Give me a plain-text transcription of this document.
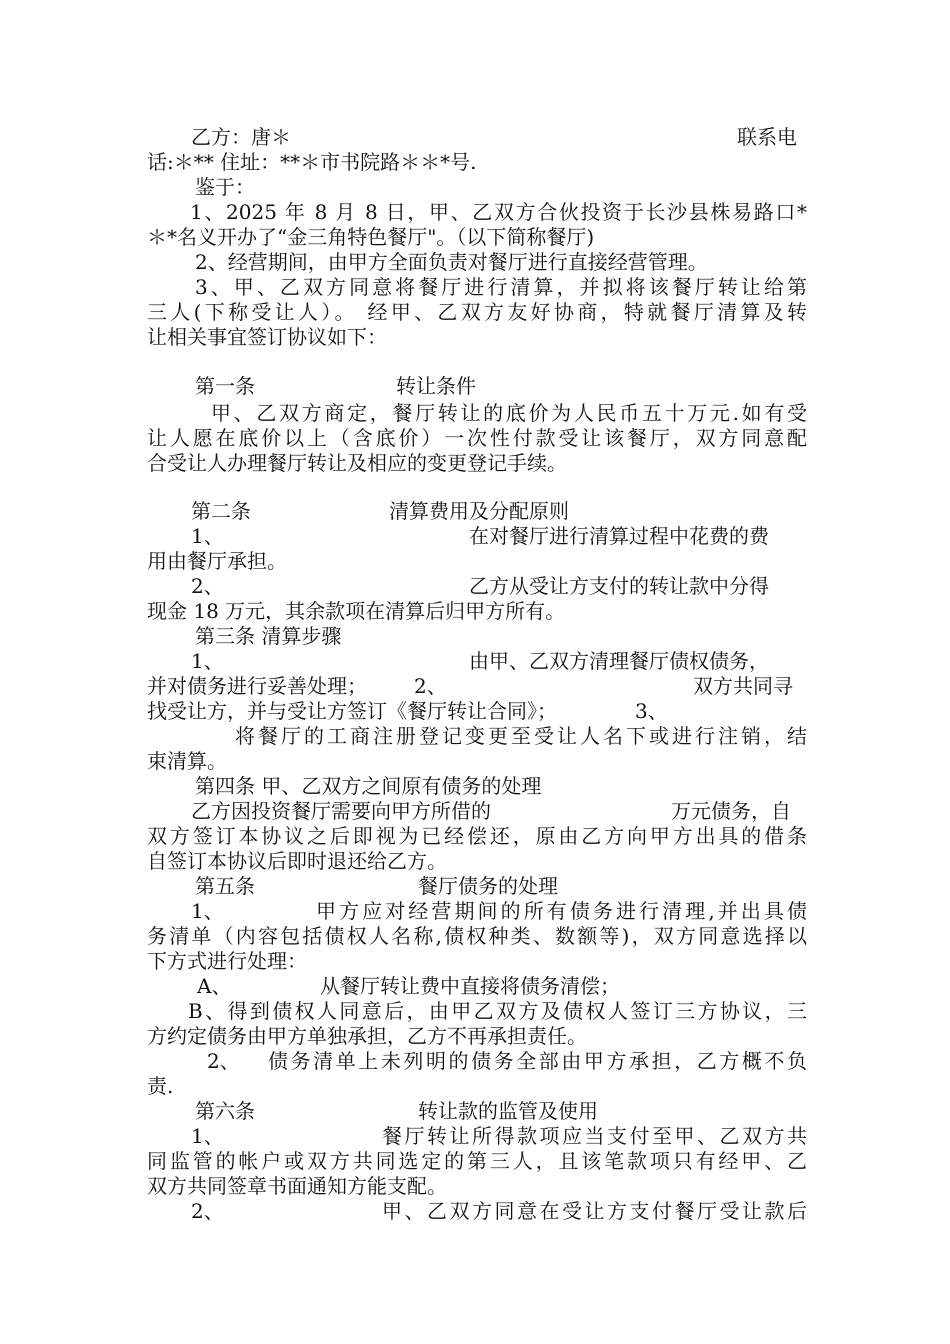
乙方：唐＊	联系电
话:＊** 住址：**＊市书院路＊＊*号.
鉴于：
1、2025 年 8 月 8 日，甲、乙双方合伙投资于长沙县株易路口*
＊*名义开办了“金三角特色餐厅"。（以下简称餐厅)
2、经营期间，由甲方全面负责对餐厅进行直接经营管理。
3、甲、乙双方同意将餐厅进行清算，并拟将该餐厅转让给第
三人(下称受让人）。 经甲、乙双方友好协商，特就餐厅清算及转
让相关事宜签订协议如下：
第一条	转让条件
甲、乙双方商定，餐厅转让的底价为人民币五十万元.如有受
让人愿在底价以上（含底价）一次性付款受让该餐厅，双方同意配
合受让人办理餐厅转让及相应的变更登记手续。
第二条	清算费用及分配原则
1、	在对餐厅进行清算过程中花费的费
用由餐厅承担。
2、	乙方从受让方支付的转让款中分得
现金 18 万元，其余款项在清算后归甲方所有。
第三条 清算步骤
1、	由甲、乙双方清理餐厅债权债务，
并对债务进行妥善处理； 2、	双方共同寻
找受让方，并与受让方签订《餐厅转让合同》；	3、
将餐厅的工商注册登记变更至受让人名下或进行注销，结
束清算。
第四条 甲、乙双方之间原有债务的处理
乙方因投资餐厅需要向甲方所借的	万元债务，自
双方签订本协议之后即视为已经偿还，原由乙方向甲方出具的借条
自签订本协议后即时退还给乙方。
第五条	餐厅债务的处理
1、	甲方应对经营期间的所有债务进行清理,并出具债
务清单（内容包括债权人名称,债权种类、数额等)，双方同意选择以
下方式进行处理：
A、	从餐厅转让费中直接将债务清偿；
B、得到债权人同意后，由甲乙双方及债权人签订三方协议，三
方约定债务由甲方单独承担，乙方不再承担责任。
2、 债务清单上未列明的债务全部由甲方承担，乙方概不负
责.
第六条	转让款的监管及使用
1、	餐厅转让所得款项应当支付至甲、乙双方共
同监管的帐户或双方共同选定的第三人，且该笔款项只有经甲、乙
双方共同签章书面通知方能支配。
2、	甲、乙双方同意在受让方支付餐厅受让款后
